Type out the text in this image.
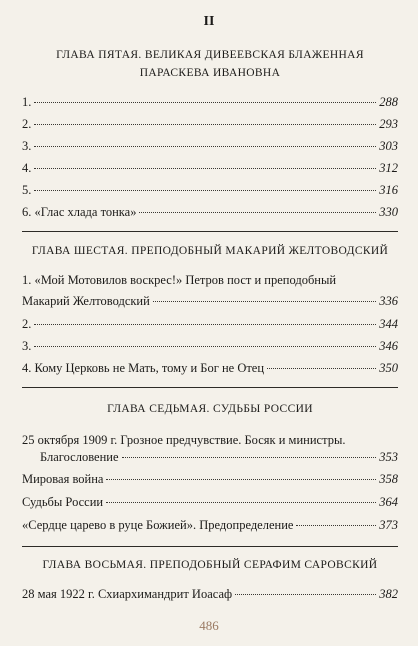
II
ГЛАВА ПЯТАЯ. ВЕЛИКАЯ ДИВЕЕВСКАЯ БЛАЖЕННАЯ
ПАРАСКЕВА ИВАНОВНА
1.	288
2.	293
3.	303
4.	312
5.	316
6. «Глас хлада тонка»	330
ГЛАВА ШЕСТАЯ. ПРЕПОДОБНЫЙ МАКАРИЙ ЖЕЛТОВОДСКИЙ
1. «Мой Мотовилов воскрес!» Петров пост и преподобный
Макарий Желтоводский	336
2.	344
3.	346
4. Кому Церковь не Мать, тому и Бог не Отец	350
ГЛАВА СЕДЬМАЯ. СУДЬБЫ РОССИИ
25 октября 1909 г. Грозное предчувствие. Босяк и министры.
Благословение	353
Мировая война	358
Судьбы России	364
«Сердце царево в руце Божией». Предопределение	373
ГЛАВА ВОСЬМАЯ. ПРЕПОДОБНЫЙ СЕРАФИМ САРОВСКИЙ
28 мая 1922 г. Схиархимандрит Иоасаф	382
486
